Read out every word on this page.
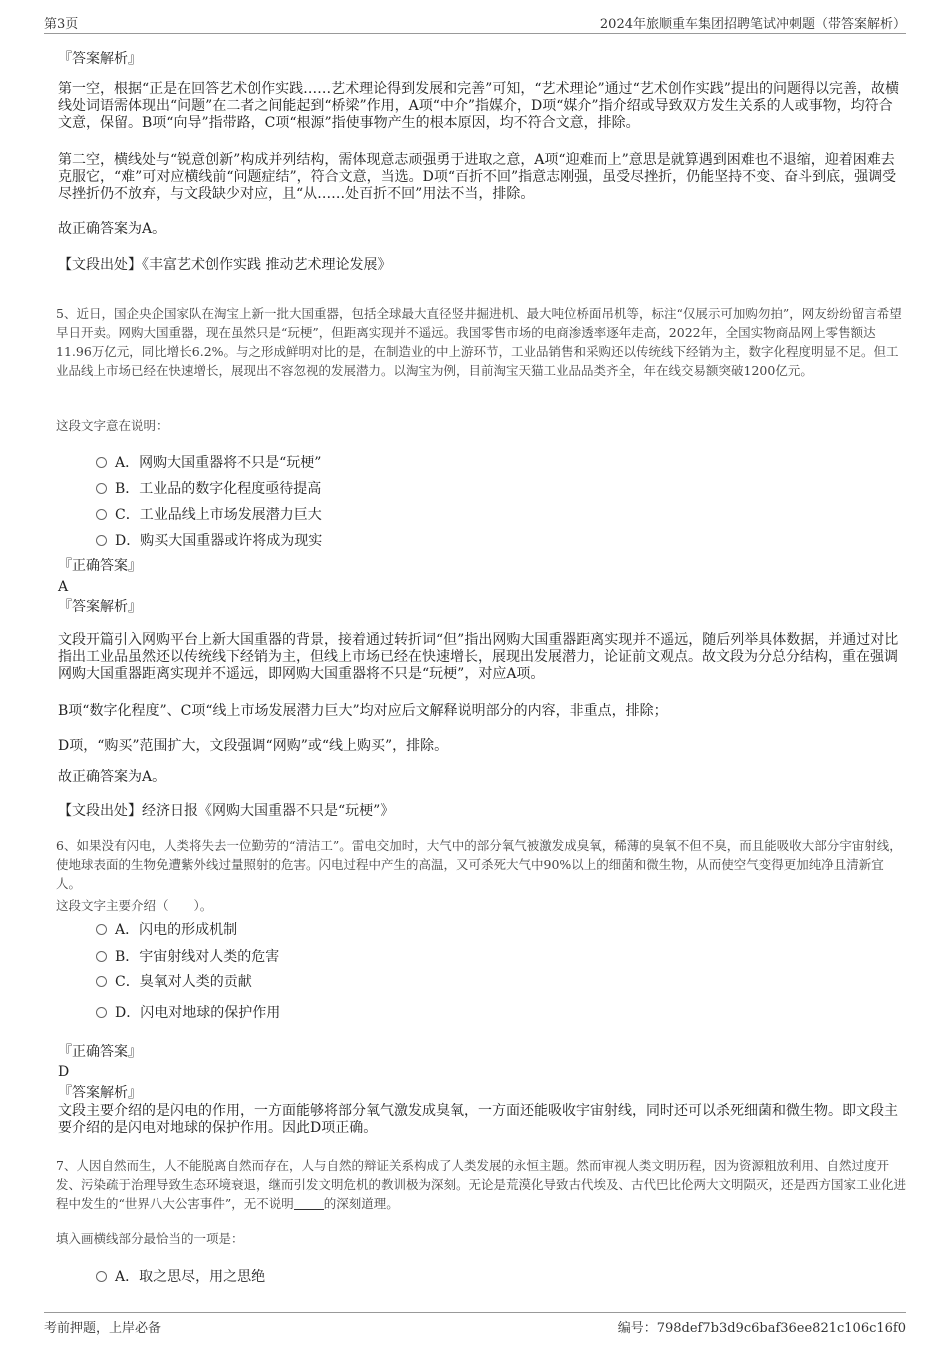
第3页	2024年旅顺重车集团招聘笔试冲刺题（带答案解析）
『答案解析』
第一空，根据“正是在回答艺术创作实践……艺术理论得到发展和完善”可知，“艺术理论”通过“艺术创作实践”提出的问题得以完善，故横线处词语需体现出“问题”在二者之间能起到“桥梁”作用，A项“中介”指媒介，D项“媒介”指介绍或导致双方发生关系的人或事物，均符合文意，保留。B项“向导”指带路，C项“根源”指使事物产生的根本原因，均不符合文意，排除。
第二空，横线处与“锐意创新”构成并列结构，需体现意志顽强勇于进取之意，A项“迎难而上”意思是就算遇到困难也不退缩，迎着困难去克服它，“难”可对应横线前“问题症结”，符合文意，当选。D项“百折不回”指意志刚强，虽受尽挫折，仍能坚持不变、奋斗到底，强调受尽挫折仍不放弃，与文段缺少对应，且“从……处百折不回”用法不当，排除。
故正确答案为A。
【文段出处】《丰富艺术创作实践 推动艺术理论发展》
5、近日，国企央企国家队在淘宝上新一批大国重器，包括全球最大直径竖井掘进机、最大吨位桥面吊机等，标注“仅展示可加购勿拍”，网友纷纷留言希望早日开卖。网购大国重器，现在虽然只是“玩梗”，但距离实现并不遥远。我国零售市场的电商渗透率逐年走高，2022年，全国实物商品网上零售额达11.96万亿元，同比增长6.2%。与之形成鲜明对比的是，在制造业的中上游环节，工业品销售和采购还以传统线下经销为主，数字化程度明显不足。但工业品线上市场已经在快速增长，展现出不容忽视的发展潜力。以淘宝为例，目前淘宝天猫工业品品类齐全，年在线交易额突破1200亿元。
这段文字意在说明：
A．网购大国重器将不只是“玩梗”
B．工业品的数字化程度亟待提高
C．工业品线上市场发展潜力巨大
D．购买大国重器或许将成为现实
『正确答案』
A
『答案解析』
文段开篇引入网购平台上新大国重器的背景，接着通过转折词“但”指出网购大国重器距离实现并不遥远，随后列举具体数据，并通过对比指出工业品虽然还以传统线下经销为主，但线上市场已经在快速增长，展现出发展潜力，论证前文观点。故文段为分总分结构，重在强调网购大国重器距离实现并不遥远，即网购大国重器将不只是“玩梗”，对应A项。
B项“数字化程度”、C项“线上市场发展潜力巨大”均对应后文解释说明部分的内容，非重点，排除；
D项，“购买”范围扩大，文段强调“网购”或“线上购买”，排除。
故正确答案为A。
【文段出处】经济日报《网购大国重器不只是“玩梗”》
6、如果没有闪电，人类将失去一位勤劳的“清洁工”。雷电交加时，大气中的部分氧气被激发成臭氧，稀薄的臭氧不但不臭，而且能吸收大部分宇宙射线，使地球表面的生物免遭紫外线过量照射的危害。闪电过程中产生的高温，又可杀死大气中90%以上的细菌和微生物，从而使空气变得更加纯净且清新宜人。
这段文字主要介绍（　　）。
A．闪电的形成机制
B．宇宙射线对人类的危害
C．臭氧对人类的贡献
D．闪电对地球的保护作用
『正确答案』
D
『答案解析』
文段主要介绍的是闪电的作用，一方面能够将部分氧气激发成臭氧，一方面还能吸收宇宙射线，同时还可以杀死细菌和微生物。即文段主要介绍的是闪电对地球的保护作用。因此D项正确。
7、人因自然而生，人不能脱离自然而存在，人与自然的辩证关系构成了人类发展的永恒主题。然而审视人类文明历程，因为资源粗放利用、自然过度开发、污染疏于治理导致生态环境衰退，继而引发文明危机的教训极为深刻。无论是荒漠化导致古代埃及、古代巴比伦两大文明陨灭，还是西方国家工业化进程中发生的“世界八大公害事件”，无不说明 的深刻道理。
填入画横线部分最恰当的一项是：
A．取之思尽，用之思绝
考前押题，上岸必备	编号：798def7b3d9c6baf36ee821c106c16f0
